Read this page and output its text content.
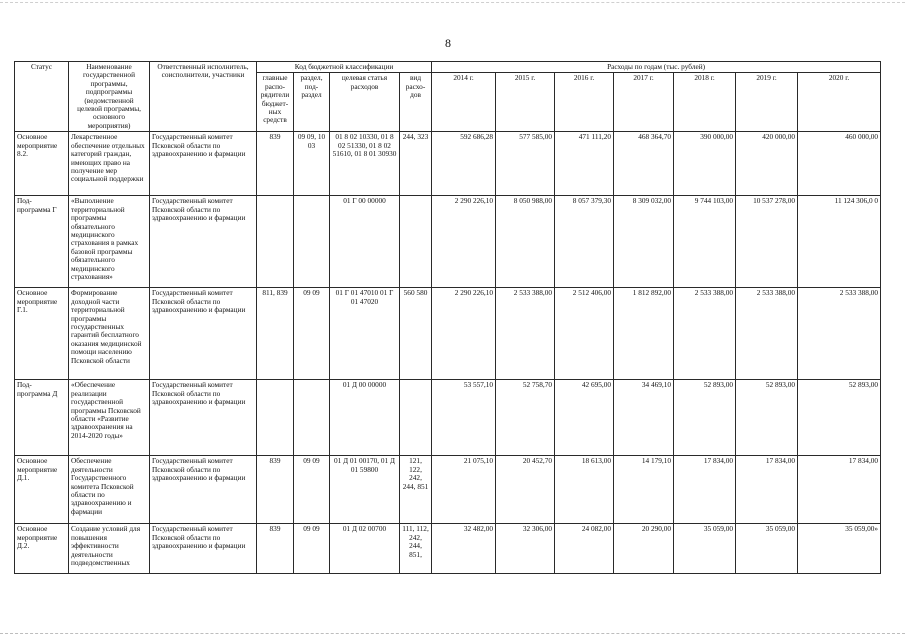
8
Статус	Наименование государственной программы, подпрограммы (ведомственной целевой программы, основного мероприятия)	Ответственный исполнитель, соисполнители, участники	Код бюджетной классификации				Расходы по годам (тыс. рублей)						
			главные распо- рядители бюджет- ных средств	раздел, под- раздел	целевая статья расходов	вид расхо- дов	2014 г.	2015 г.	2016 г.	2017 г.	2018 г.	2019 г.	2020 г.
Основное мероприятие 8.2.	Лекарственное обеспечение отдельных категорий граждан, имеющих право на получение мер социальной поддержки	Государственный комитет Псковской области по здравоохранению и фармации	839	09 09, 10 03	01 8 02 10330, 01 8 02 51330, 01 8 02 51610, 01 8 01 30930	244, 323	592 686,28	577 585,00	471 111,20	468 364,70	390 000,00	420 000,00	460 000,00
Под- программа Г	«Выполнение территориальной программы обязательного медицинского страхования в рамках базовой программы обязательного медицинского страхования»	Государственный комитет Псковской области по здравоохранению и фармации			01 Г 00 00000		2 290 226,10	8 050 988,00	8 057 379,30	8 309 032,00	9 744 103,00	10 537 278,00	11 124 306,0 0
Основное мероприятие Г.1.	Формирование доходной части территориальной программы государственных гарантий бесплатного оказания медицинской помощи населению Псковской области	Государственный комитет Псковской области по здравоохранению и фармации	811, 839	09 09	01 Г 01 47010 01 Г 01 47020	560 580	2 290 226,10	2 533 388,00	2 512 406,00	1 812 892,00	2 533 388,00	2 533 388,00	2 533 388,00
Под- программа Д	«Обеспечение реализации государственной программы Псковской области «Развитие здравоохранения на 2014-2020 годы»	Государственный комитет Псковской области по здравоохранению и фармации			01 Д 00 00000		53 557,10	52 758,70	42 695,00	34 469,10	52 893,00	52 893,00	52 893,00
Основное мероприятие Д.1.	Обеспечение деятельности Государственного комитета Псковской области по здравоохранению и фармации	Государственный комитет Псковской области по здравоохранению и фармации	839	09 09	01 Д 01 00170, 01 Д 01 59800	121, 122, 242, 244, 851	21 075,10	20 452,70	18 613,00	14 179,10	17 834,00	17 834,00	17 834,00
Основное мероприятие Д.2.	Создание условий для повышения эффективности деятельности подведомственных	Государственный комитет Псковской области по здравоохранению и фармации	839	09 09	01 Д 02 00700	111, 112, 242, 244, 851,	32 482,00	32 306,00	24 082,00	20 290,00	35 059,00	35 059,00	35 059,00»
